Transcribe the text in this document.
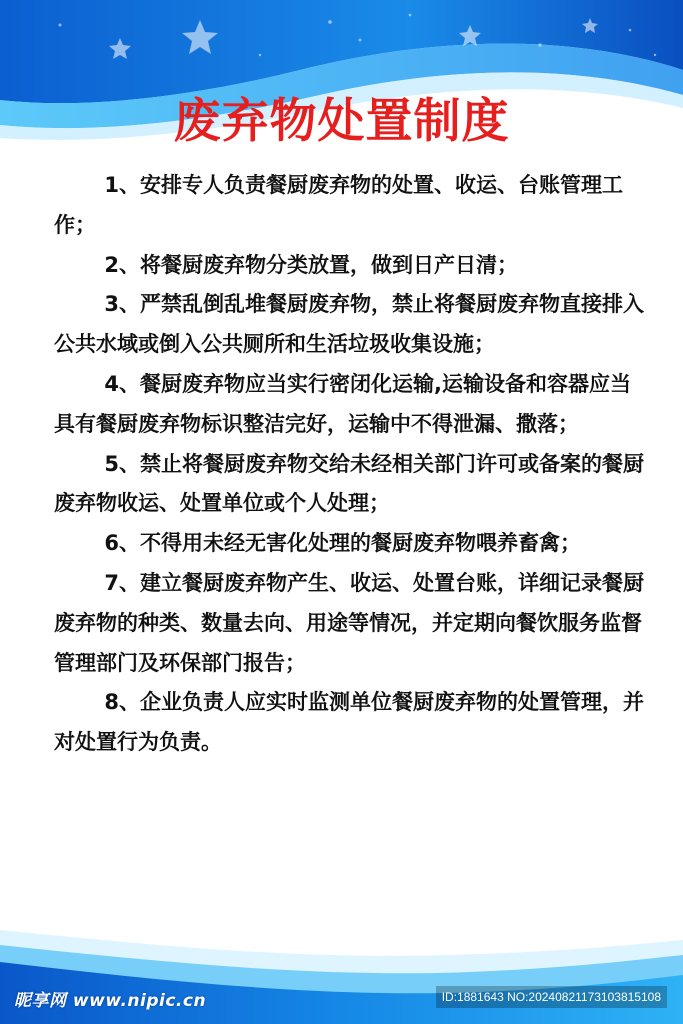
废弃物处置制度

1、安排专人负责餐厨废弃物的处置、收运、台账管理工作；

2、将餐厨废弃物分类放置，做到日产日清；

3、严禁乱倒乱堆餐厨废弃物，禁止将餐厨废弃物直接排入公共水域或倒入公共厕所和生活垃圾收集设施；

4、餐厨废弃物应当实行密闭化运输,运输设备和容器应当具有餐厨废弃物标识整洁完好，运输中不得泄漏、撒落；

5、禁止将餐厨废弃物交给未经相关部门许可或备案的餐厨废弃物收运、处置单位或个人处理；

6、不得用未经无害化处理的餐厨废弃物喂养畜禽；

7、建立餐厨废弃物产生、收运、处置台账，详细记录餐厨废弃物的种类、数量去向、用途等情况，并定期向餐饮服务监督管理部门及环保部门报告；

8、企业负责人应实时监测单位餐厨废弃物的处置管理，并对处置行为负责。

昵享网 www.nipic.cn	ID:1881643 NO:20240821173103815108
